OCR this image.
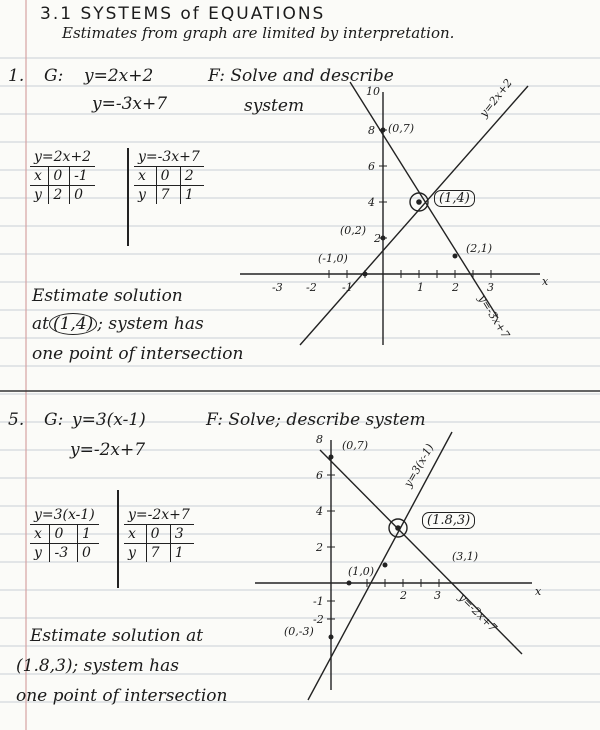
3.1 SYSTEMS of EQUATIONS
Estimates from graph are limited by interpretation.
1. G: y=2x+2
y=-3x+7
F: Solve and describe
system
y=2x+2		
x	0	-1
y	2	0
y=-3x+7		
x	0	2
y	7	1
Estimate solution
at (1,4) ; system has
one point of intersection
10
8
6
4
2
-3 -2 -1	1	2	3	x
(0,7)
(0,2)
(-1,0)
(2,1)
y=2x+2
y=-3x+7
(1,4)
5. G: y=3(x-1)
y=-2x+7
F: Solve; describe system
y=3(x-1)		
x	0	1
y	-3	0
y=-2x+7		
x	0	3
y	7	1
Estimate solution at
(1.8,3); system has
one point of intersection
8
6
4
2
-1
-2
2 3	x
(0,7)
(1,0)
(3,1)
(0,-3)
y=3(x-1)
y=-2x+7
(1.8,3)
